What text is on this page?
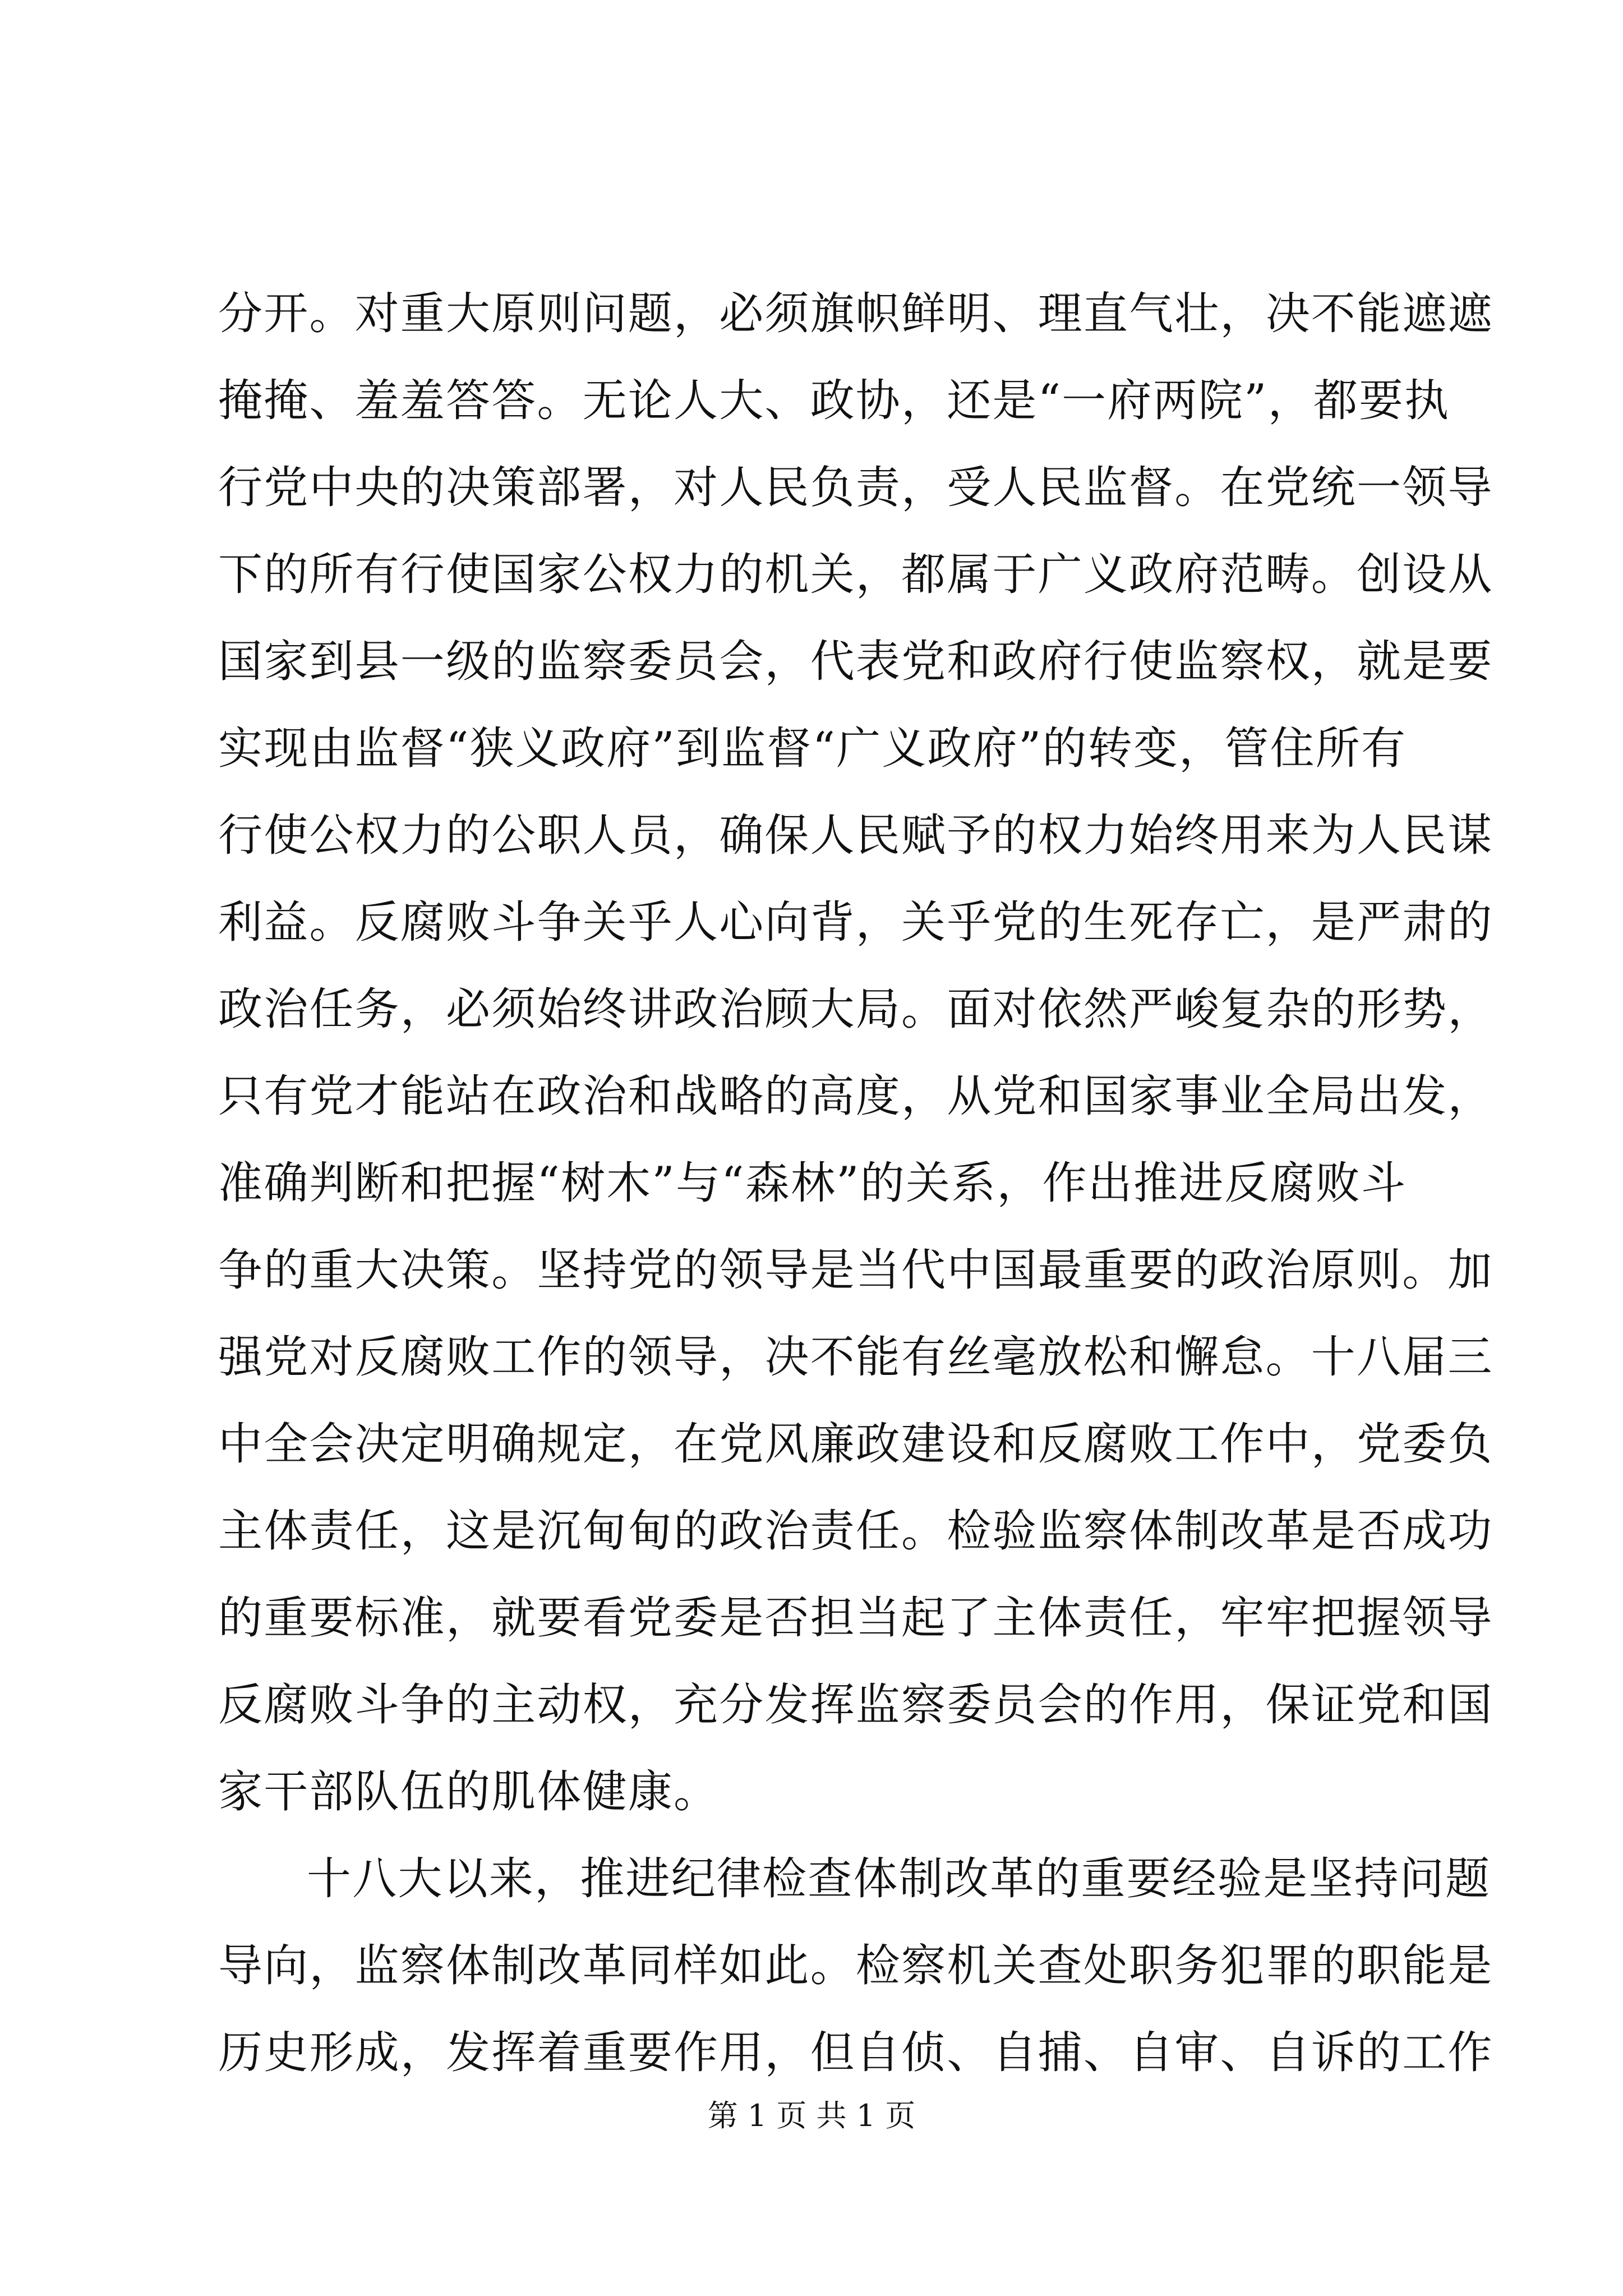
分开。对重大原则问题，必须旗帜鲜明、理直气壮，决不能遮遮
掩掩、羞羞答答。无论人大、政协，还是“一府两院”，都要执
行党中央的决策部署，对人民负责，受人民监督。在党统一领导
下的所有行使国家公权力的机关，都属于广义政府范畴。创设从
国家到县一级的监察委员会，代表党和政府行使监察权，就是要
实现由监督“狭义政府”到监督“广义政府”的转变，管住所有
行使公权力的公职人员，确保人民赋予的权力始终用来为人民谋
利益。反腐败斗争关乎人心向背，关乎党的生死存亡，是严肃的
政治任务，必须始终讲政治顾大局。面对依然严峻复杂的形势，
只有党才能站在政治和战略的高度，从党和国家事业全局出发，
准确判断和把握“树木”与“森林”的关系，作出推进反腐败斗
争的重大决策。坚持党的领导是当代中国最重要的政治原则。加
强党对反腐败工作的领导，决不能有丝毫放松和懈怠。十八届三
中全会决定明确规定，在党风廉政建设和反腐败工作中，党委负
主体责任，这是沉甸甸的政治责任。检验监察体制改革是否成功
的重要标准，就要看党委是否担当起了主体责任，牢牢把握领导
反腐败斗争的主动权，充分发挥监察委员会的作用，保证党和国
家干部队伍的肌体健康。
十八大以来，推进纪律检查体制改革的重要经验是坚持问题
导向，监察体制改革同样如此。检察机关查处职务犯罪的职能是
历史形成，发挥着重要作用，但自侦、自捕、自审、自诉的工作
第 1 页 共 1 页
